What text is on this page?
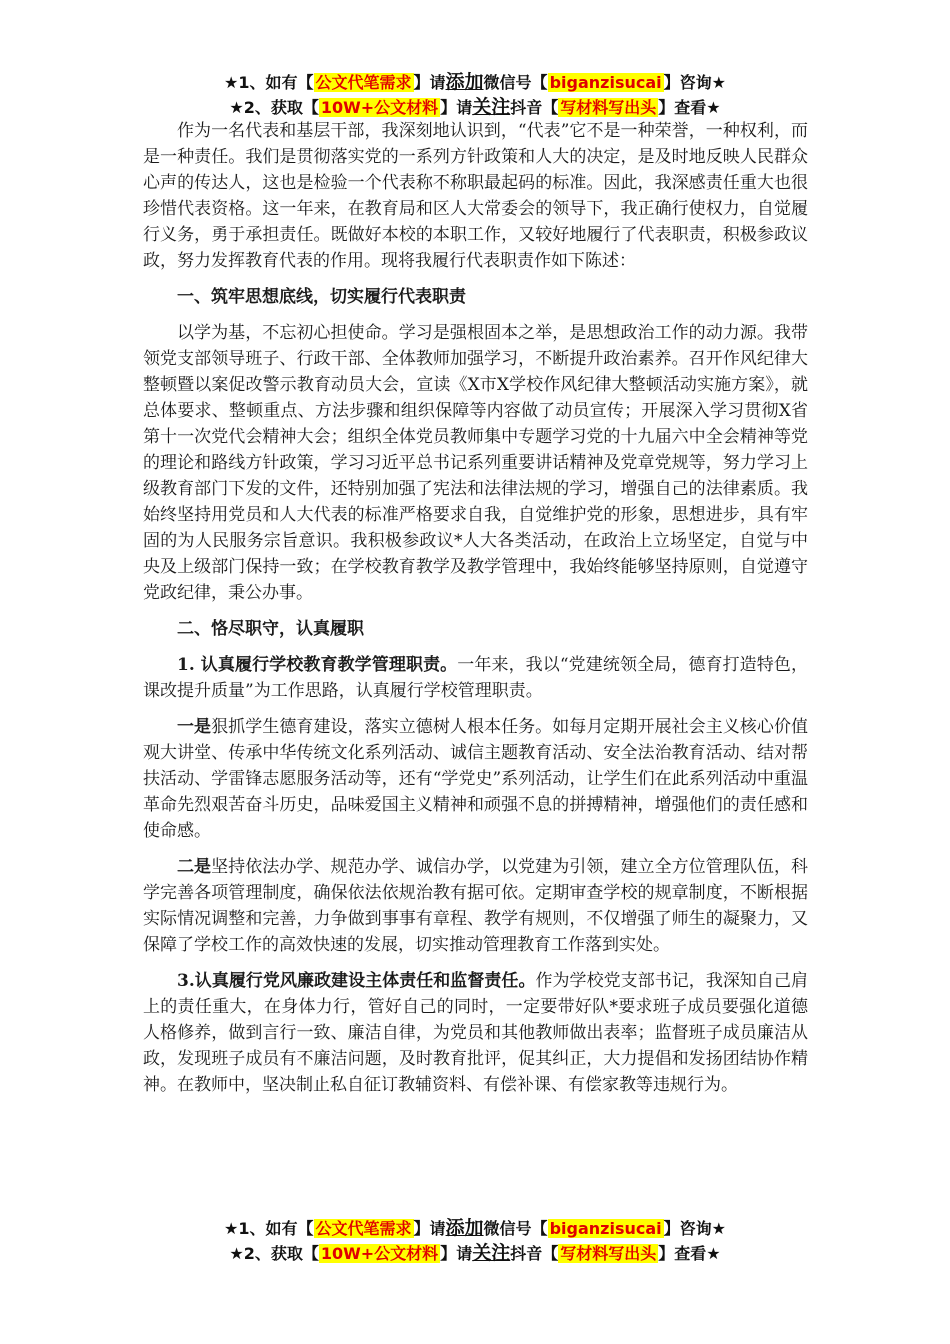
★1、如有【 公文代笔需求 】请添加微信号【 biganzisucai 】咨询★
★2、获取【 10W+公文材料 】请关注抖音【 写材料写出头 】查看★

作为一名代表和基层干部，我深刻地认识到，“代表”它不是一种荣誉，一种权利，而是一种责任。我们是贯彻落实党的一系列方针政策和人大的决定，是及时地反映人民群众心声的传达人，这也是检验一个代表称不称职最起码的标准。因此，我深感责任重大也很珍惜代表资格。这一年来，在教育局和区人大常委会的领导下，我正确行使权力，自觉履行义务，勇于承担责任。既做好本校的本职工作，又较好地履行了代表职责，积极参政议政，努力发挥教育代表的作用。现将我履行代表职责作如下陈述：

一、筑牢思想底线，切实履行代表职责

以学为基，不忘初心担使命。学习是强根固本之举，是思想政治工作的动力源。我带领党支部领导班子、行政干部、全体教师加强学习，不断提升政治素养。召开作风纪律大整顿暨以案促改警示教育动员大会，宣读《X市X学校作风纪律大整顿活动实施方案》，就总体要求、整顿重点、方法步骤和组织保障等内容做了动员宣传；开展深入学习贯彻X省第十一次党代会精神大会；组织全体党员教师集中专题学习党的十九届六中全会精神等党的理论和路线方针政策，学习习近平总书记系列重要讲话精神及党章党规等，努力学习上级教育部门下发的文件，还特别加强了宪法和法律法规的学习，增强自己的法律素质。我始终坚持用党员和人大代表的标准严格要求自我，自觉维护党的形象，思想进步，具有牢固的为人民服务宗旨意识。我积极参政议*人大各类活动，在政治上立场坚定，自觉与中央及上级部门保持一致；在学校教育教学及教学管理中，我始终能够坚持原则，自觉遵守党政纪律，秉公办事。

二、恪尽职守，认真履职

1. 认真履行学校教育教学管理职责。一年来，我以“党建统领全局，德育打造特色，课改提升质量”为工作思路，认真履行学校管理职责。

一是狠抓学生德育建设，落实立德树人根本任务。如每月定期开展社会主义核心价值观大讲堂、传承中华传统文化系列活动、诚信主题教育活动、安全法治教育活动、结对帮扶活动、学雷锋志愿服务活动等，还有“学党史”系列活动，让学生们在此系列活动中重温革命先烈艰苦奋斗历史，品味爱国主义精神和顽强不息的拼搏精神，增强他们的责任感和使命感。

二是坚持依法办学、规范办学、诚信办学，以党建为引领，建立全方位管理队伍，科学完善各项管理制度，确保依法依规治教有据可依。定期审查学校的规章制度，不断根据实际情况调整和完善，力争做到事事有章程、教学有规则，不仅增强了师生的凝聚力，又保障了学校工作的高效快速的发展，切实推动管理教育工作落到实处。

3.认真履行党风廉政建设主体责任和监督责任。作为学校党支部书记，我深知自己肩上的责任重大，在身体力行，管好自己的同时，一定要带好队*要求班子成员要强化道德人格修养，做到言行一致、廉洁自律，为党员和其他教师做出表率；监督班子成员廉洁从政，发现班子成员有不廉洁问题，及时教育批评，促其纠正，大力提倡和发扬团结协作精神。在教师中，坚决制止私自征订教辅资料、有偿补课、有偿家教等违规行为。

★1、如有【 公文代笔需求 】请添加微信号【 biganzisucai 】咨询★
★2、获取【 10W+公文材料 】请关注抖音【 写材料写出头 】查看★
